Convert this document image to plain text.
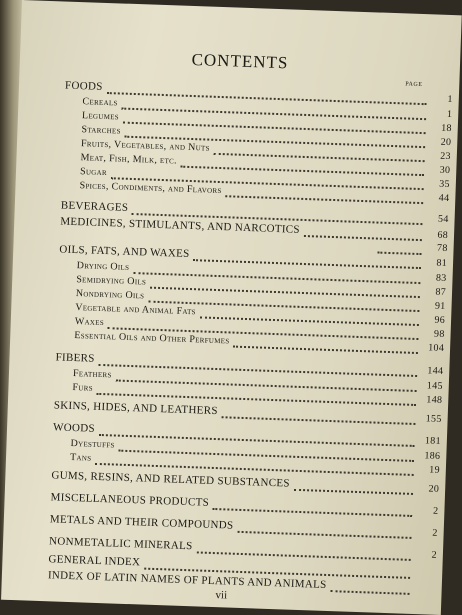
CONTENTS
PAGE
FOODS
1
Cereals
1
Legumes
18
Starches
20
Fruits, Vegetables, and Nuts
23
Meat, Fish, Milk, etc.
30
Sugar
35
Spices, Condiments, and Flavors
44
BEVERAGES
54
MEDICINES, STIMULANTS, AND NARCOTICS	68
78
OILS, FATS, AND WAXES
81
Drying Oils
83
Semidrying Oils
87
Nondrying Oils
91
Vegetable and Animal Fats
96
Waxes
98
Essential Oils and Other Perfumes
104
FIBERS
144
Feathers
145
Furs
148
SKINS, HIDES, AND LEATHERS
155
WOODS
181
Dyestuffs
186
Tans
19
GUMS, RESINS, AND RELATED SUBSTANCES	20
MISCELLANEOUS PRODUCTS
2
METALS AND THEIR COMPOUNDS
2
NONMETALLIC MINERALS
2
GENERAL INDEX
INDEX OF LATIN NAMES OF PLANTS AND ANIMALS
vii
